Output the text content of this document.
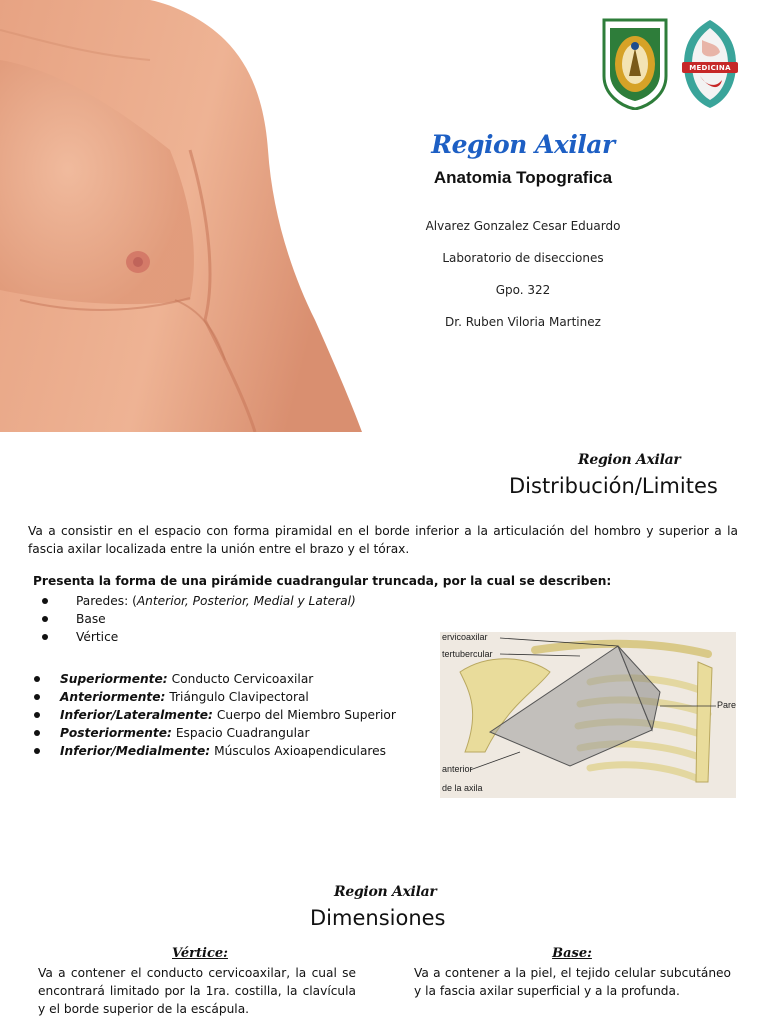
MEDICINA
Region Axilar
Anatomia Topografica
Alvarez Gonzalez Cesar Eduardo
Laboratorio de disecciones
Gpo. 322
Dr. Ruben Viloria Martinez
Region Axilar
Distribución/Limites

Va a consistir en el espacio con forma piramidal en el borde inferior a la articulación del hombro y superior a la fascia axilar localizada entre la unión entre el brazo y el tórax.

Presenta la forma de una pirámide cuadrangular truncada, por la cual se describen:

Paredes: (Anterior, Posterior, Medial y Lateral)
Base
Vértice
Superiormente: Conducto Cervicoaxilar
Anteriormente: Triángulo Clavipectoral
Inferior/Lateralmente: Cuerpo del Miembro Superior
Posteriormente: Espacio Cuadrangular
Inferior/Medialmente: Músculos Axioapendiculares
ervicoaxilar
tertubercular
Pare
anterior
de la axila
Region Axilar
Dimensiones
Vértice:

Va a contener el conducto cervicoaxilar, la cual se encontrará limitado por la 1ra. costilla, la clavícula y el borde superior de la escápula.

Base:

Va a contener a la piel, el tejido celular subcutáneo y la fascia axilar superficial y a la profunda.
